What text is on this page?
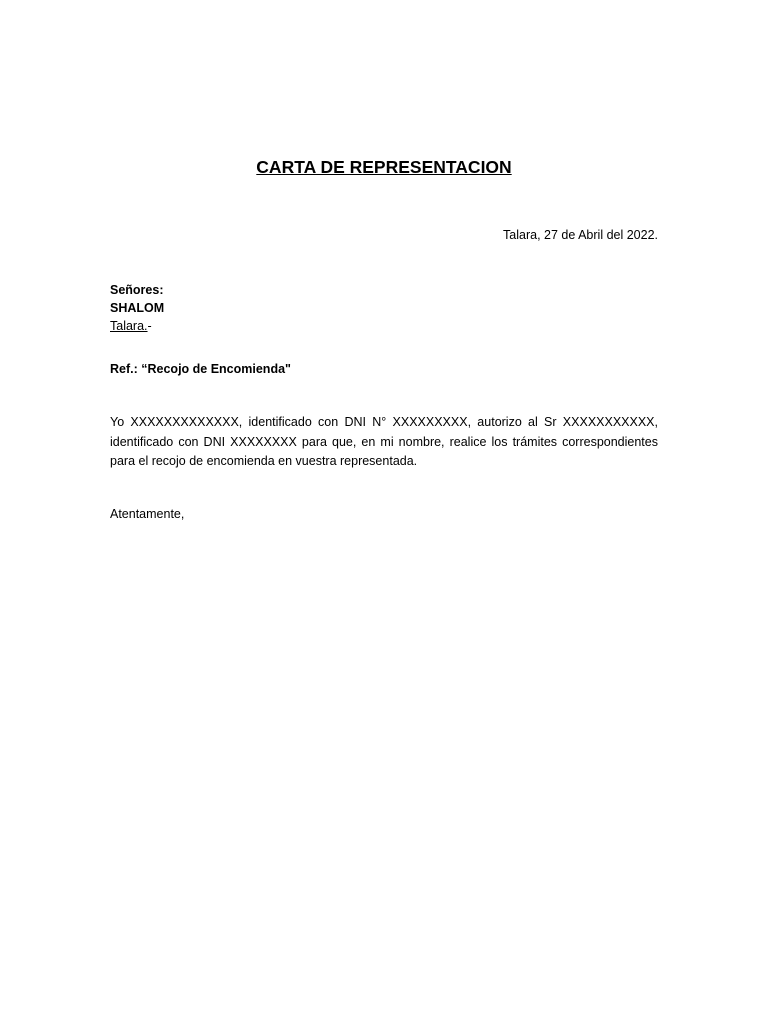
CARTA DE REPRESENTACION
Talara, 27 de Abril del 2022.
Señores:
SHALOM
Talara.-
Ref.: “Recojo de Encomienda"
Yo XXXXXXXXXXXXX, identificado con DNI N° XXXXXXXXX, autorizo al Sr XXXXXXXXXXX, identificado con DNI XXXXXXXX para que, en mi nombre, realice los trámites correspondientes para el recojo de encomienda en vuestra representada.
Atentamente,
